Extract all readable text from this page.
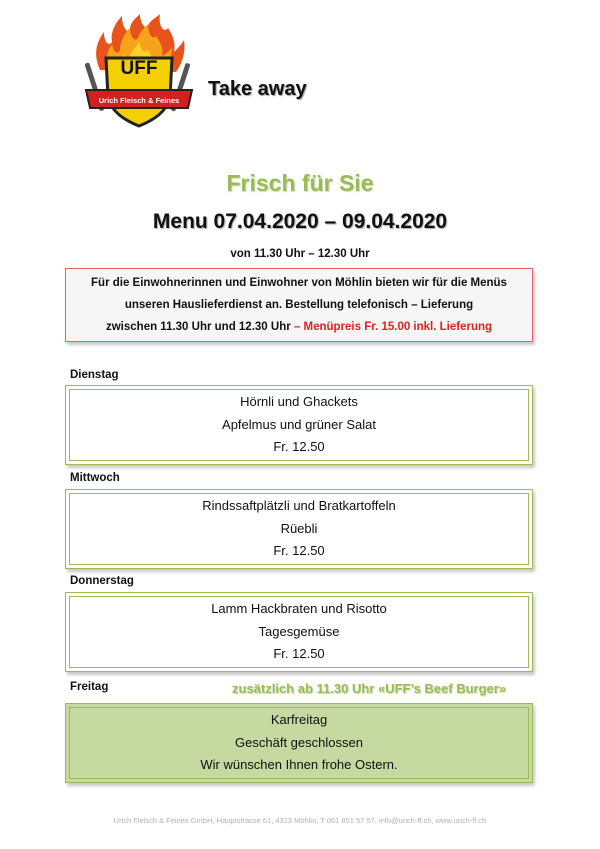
UFF
Urich Fleisch & Feines
Take away
Frisch für Sie
Menu 07.04.2020 – 09.04.2020
von 11.30 Uhr – 12.30 Uhr
Für die Einwohnerinnen und Einwohner von Möhlin bieten wir für die Menüs
unseren Hauslieferdienst an. Bestellung telefonisch – Lieferung
zwischen 11.30 Uhr und 12.30 Uhr – Menüpreis Fr. 15.00 inkl. Lieferung
Dienstag
Hörnli und Ghackets
Apfelmus und grüner Salat
Fr. 12.50
Mittwoch
Rindssaftplätzli und Bratkartoffeln
Rüebli
Fr. 12.50
Donnerstag
Lamm Hackbraten und Risotto
Tagesgemüse
Fr. 12.50
Freitag	zusätzlich ab 11.30 Uhr «UFF’s Beef Burger»
Karfreitag
Geschäft geschlossen
Wir wünschen Ihnen frohe Ostern.
Urich Fleisch & Feines GmbH, Hauptstrasse 61, 4313 Möhlin, T 061 851 57 57, info@urich-ff.ch, www.urich-ff.ch
